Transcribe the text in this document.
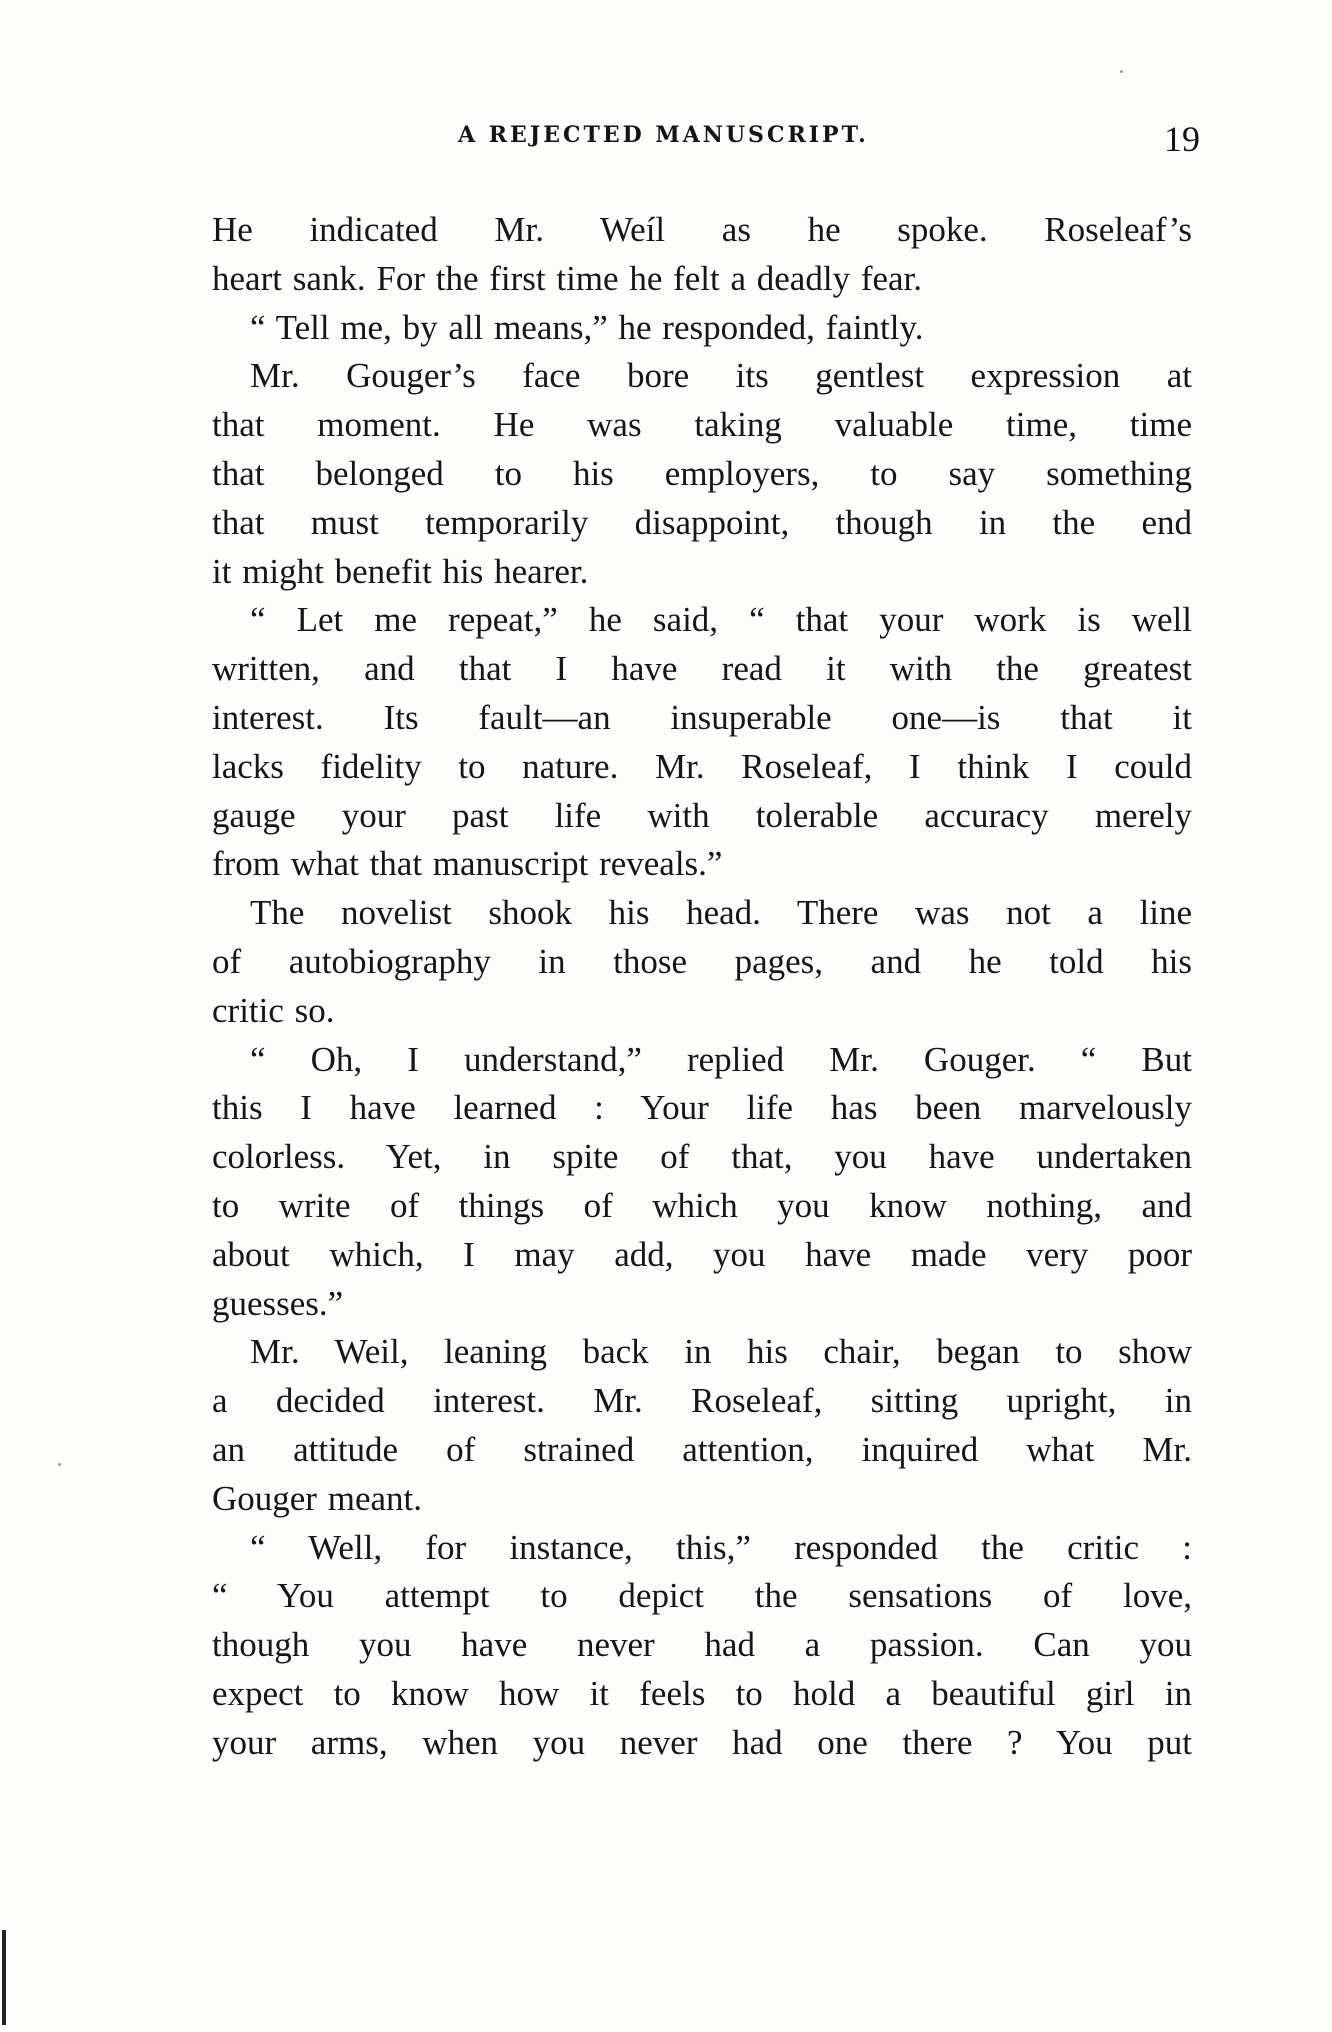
A REJECTED MANUSCRIPT.	19
He indicated Mr. Weíl as he spoke. Roseleaf’s
heart sank. For the first time he felt a deadly fear.
“ Tell me, by all means,” he responded, faintly.
Mr. Gouger’s face bore its gentlest expression at
that moment. He was taking valuable time, time
that belonged to his employers, to say something
that must temporarily disappoint, though in the end
it might benefit his hearer.
“ Let me repeat,” he said, “ that your work is well
written, and that I have read it with the greatest
interest. Its fault—an insuperable one—is that it
lacks fidelity to nature. Mr. Roseleaf, I think I could
gauge your past life with tolerable accuracy merely
from what that manuscript reveals.”
The novelist shook his head. There was not a line
of autobiography in those pages, and he told his
critic so.
“ Oh, I understand,” replied Mr. Gouger. “ But
this I have learned : Your life has been marvelously
colorless. Yet, in spite of that, you have undertaken
to write of things of which you know nothing, and
about which, I may add, you have made very poor
guesses.”
Mr. Weil, leaning back in his chair, began to show
a decided interest. Mr. Roseleaf, sitting upright, in
an attitude of strained attention, inquired what Mr.
Gouger meant.
“ Well, for instance, this,” responded the critic :
“ You attempt to depict the sensations of love,
though you have never had a passion. Can you
expect to know how it feels to hold a beautiful girl in
your arms, when you never had one there ? You put
